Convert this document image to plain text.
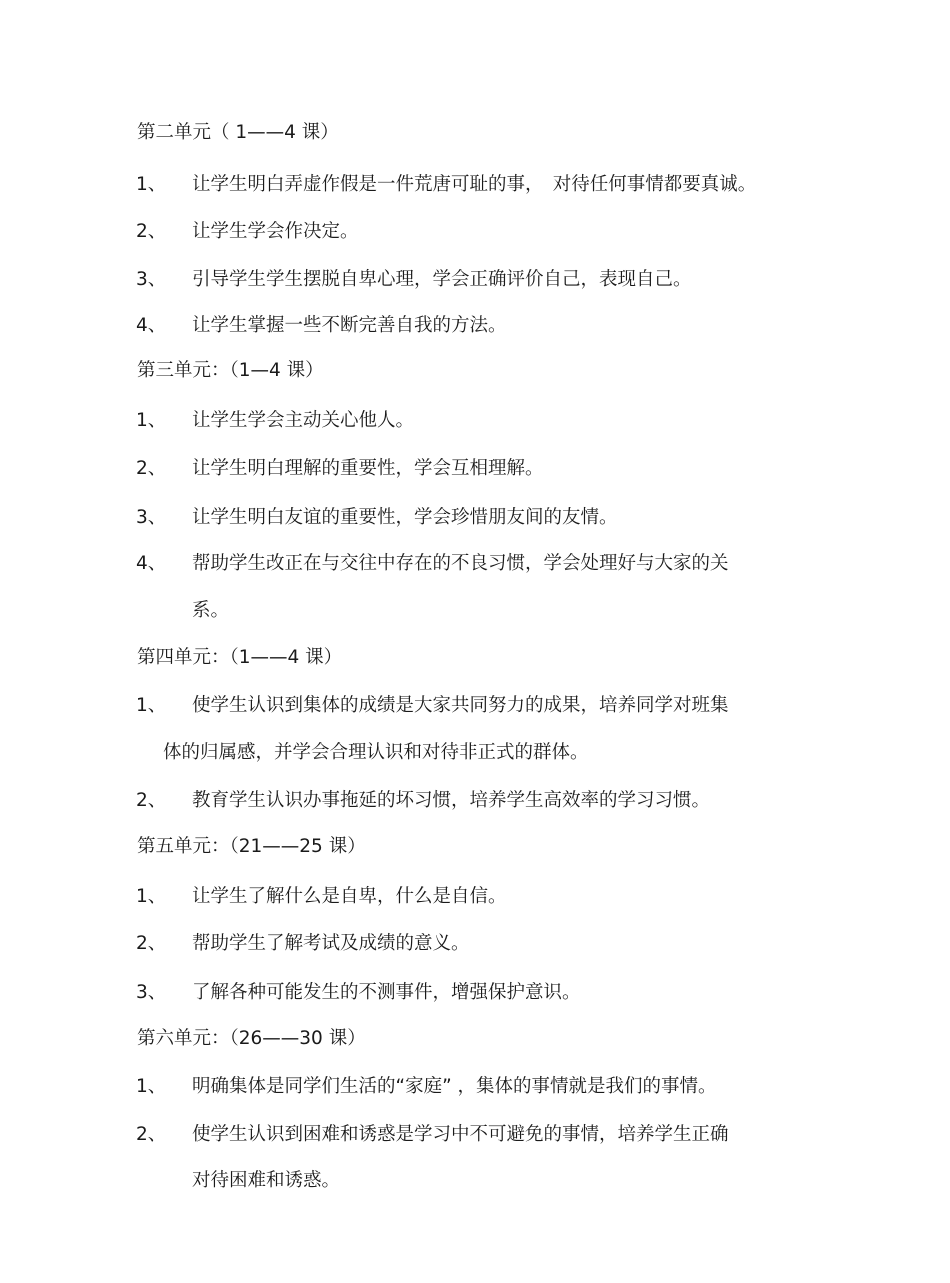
第二单元（ 1——4 课）
1、 让学生明白弄虚作假是一件荒唐可耻的事，　对待任何事情都要真诚。
2、 让学生学会作决定。
3、 引导学生学生摆脱自卑心理，学会正确评价自己，表现自己。
4、 让学生掌握一些不断完善自我的方法。
第三单元：（1—4 课）
1、 让学生学会主动关心他人。
2、 让学生明白理解的重要性，学会互相理解。
3、 让学生明白友谊的重要性，学会珍惜朋友间的友情。
4、 帮助学生改正在与交往中存在的不良习惯，学会处理好与大家的关
系。
第四单元：（1——4 课）
1、 使学生认识到集体的成绩是大家共同努力的成果，培养同学对班集
体的归属感，并学会合理认识和对待非正式的群体。
2、 教育学生认识办事拖延的坏习惯，培养学生高效率的学习习惯。
第五单元：（21——25 课）
1、 让学生了解什么是自卑，什么是自信。
2、 帮助学生了解考试及成绩的意义。
3、 了解各种可能发生的不测事件，增强保护意识。
第六单元：（26——30 课）
1、 明确集体是同学们生活的“家庭” ，集体的事情就是我们的事情。
2、 使学生认识到困难和诱惑是学习中不可避免的事情，培养学生正确
对待困难和诱惑。
